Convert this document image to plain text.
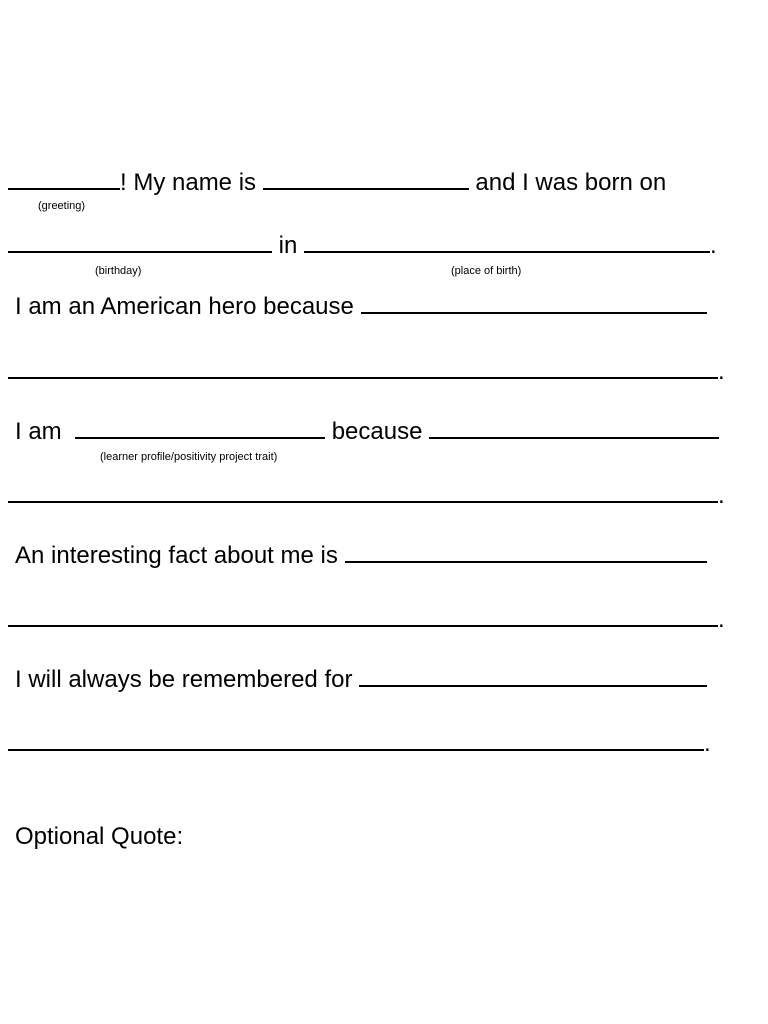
! My name is	and I was born on
(greeting)
in	.
(birthday)	(place of birth)
I am an American hero because
.
I am	because
(learner profile/positivity project trait)
.
An interesting fact about me is
.
I will always be remembered for
.
Optional Quote:
